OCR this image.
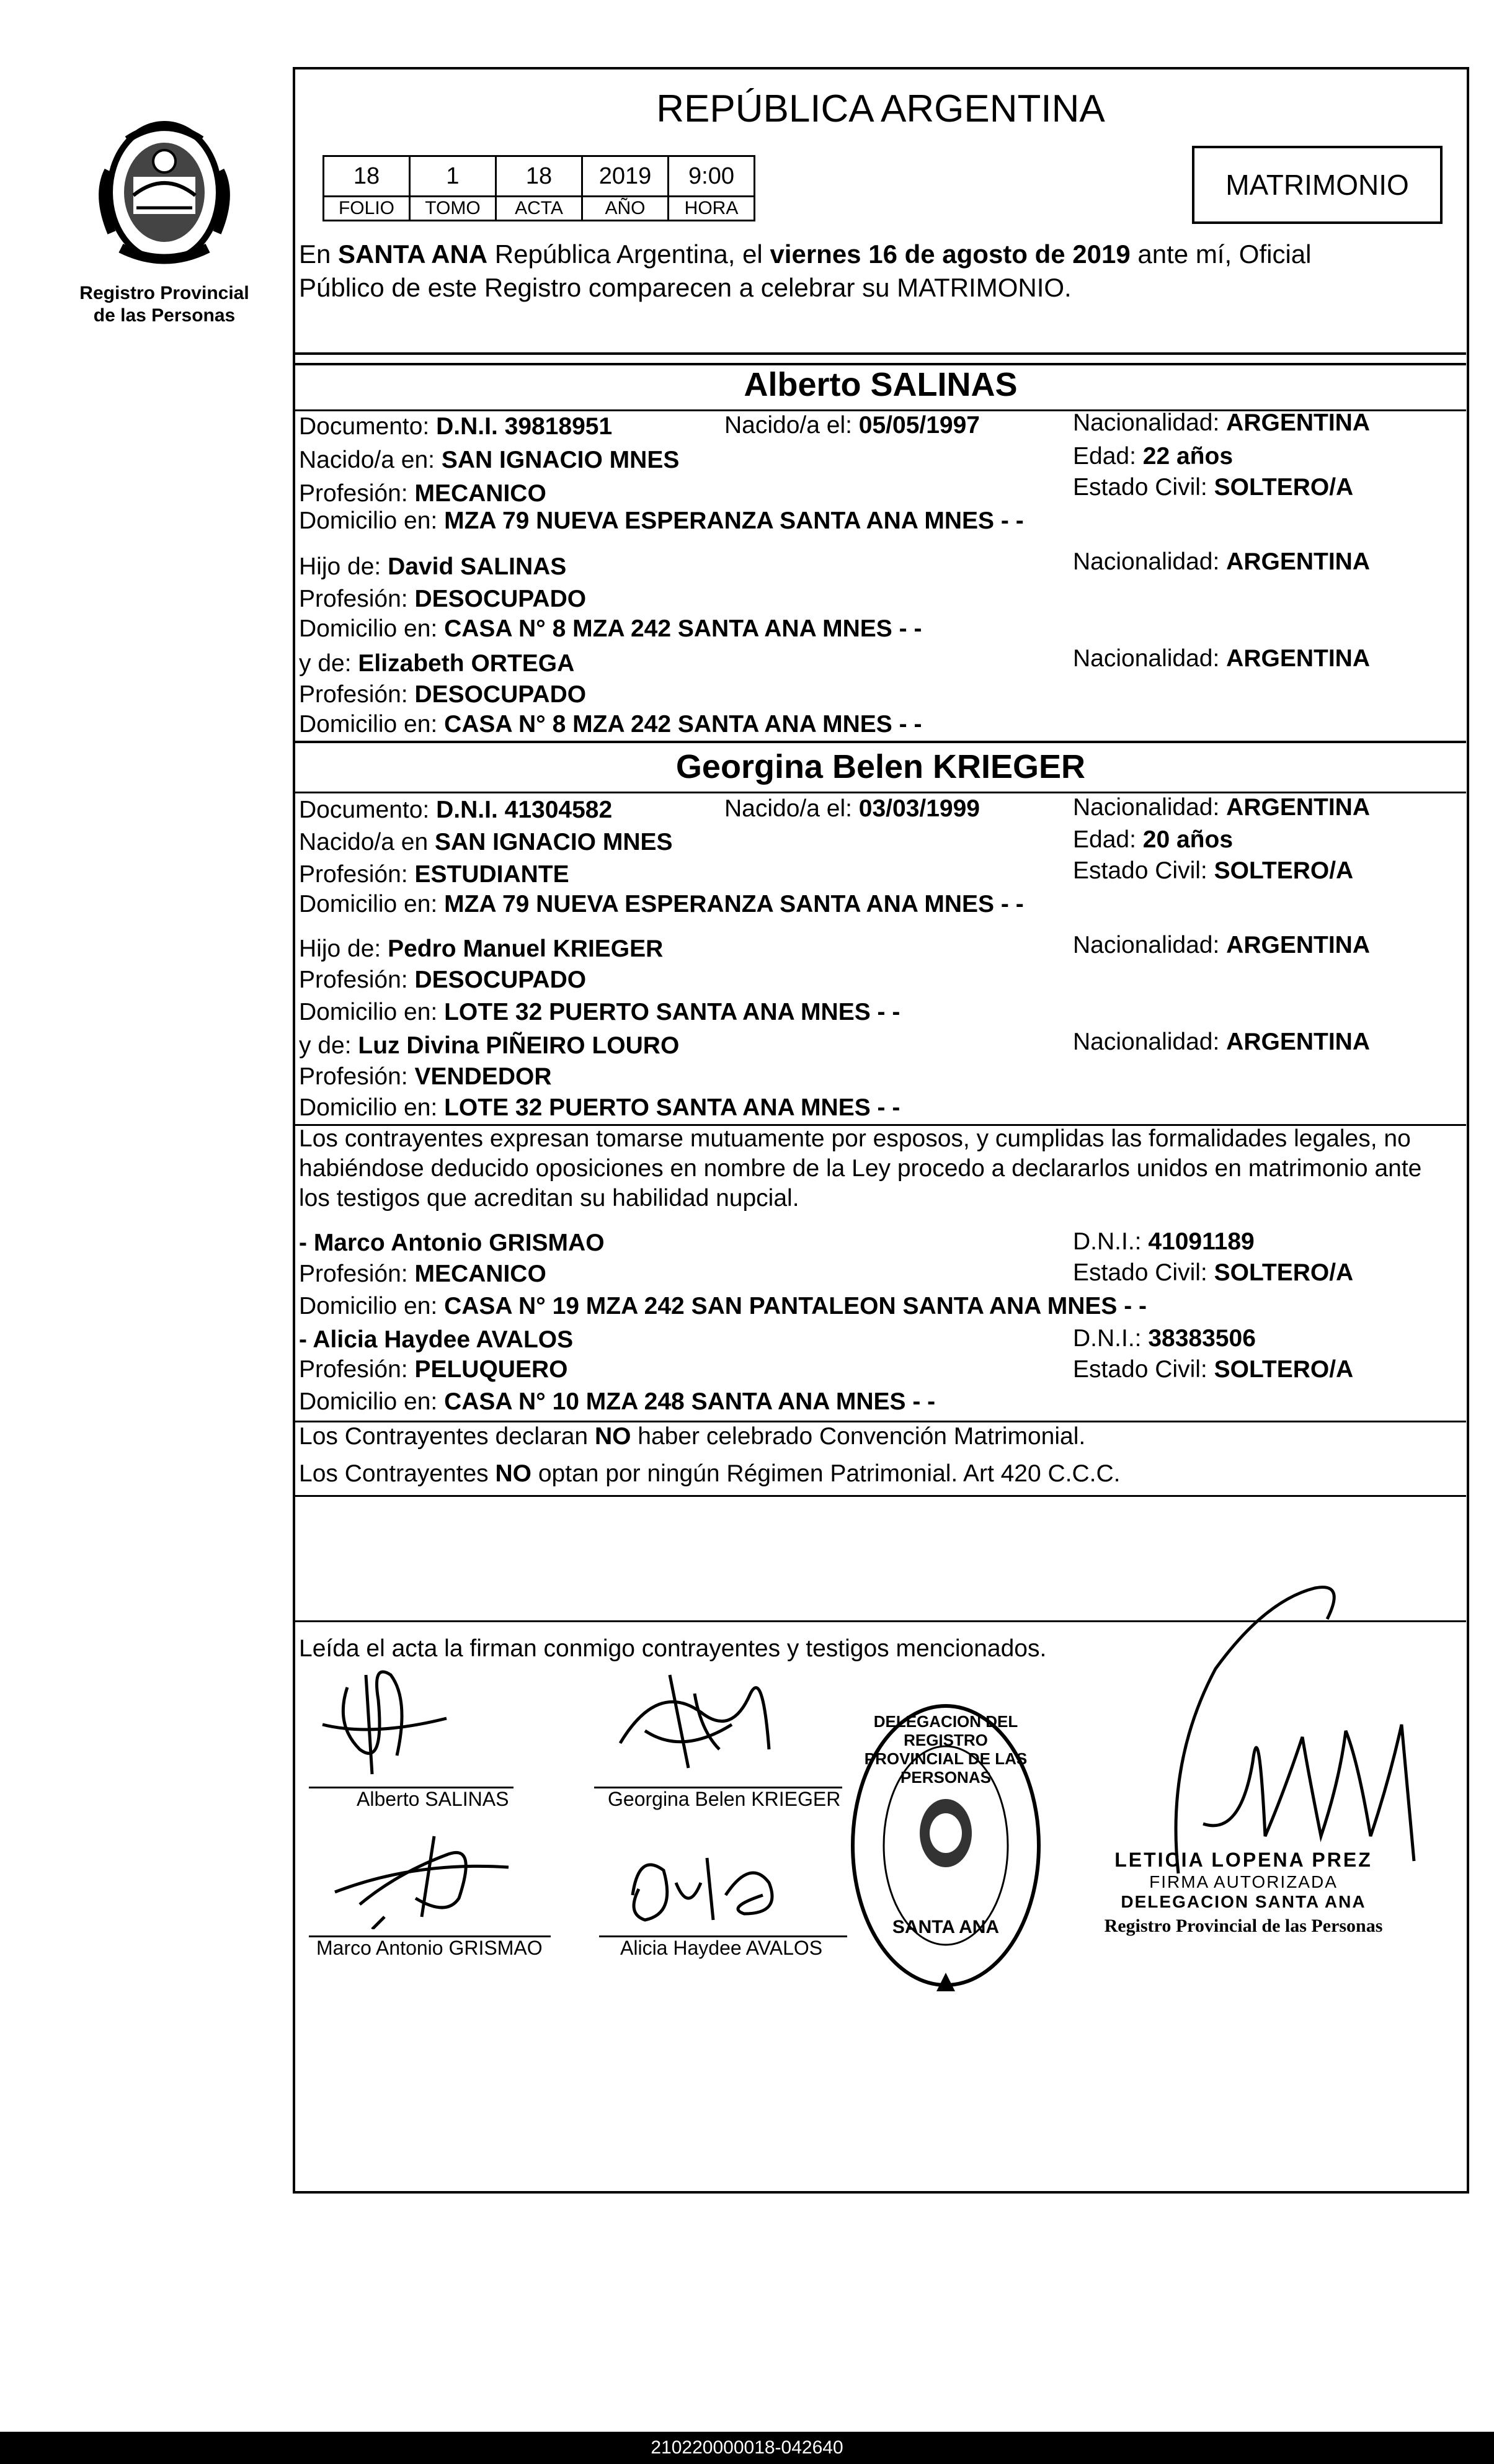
Registro Provincial
de las Personas
REPÚBLICA ARGENTINA
18	1	18	2019	9:00
FOLIO	TOMO	ACTA	AÑO	HORA
MATRIMONIO
En SANTA ANA República Argentina, el viernes 16 de agosto de 2019 ante mí, Oficial
Público de este Registro comparecen a celebrar su MATRIMONIO.
Alberto SALINAS
Documento: D.N.I. 39818951	Nacido/a el: 05/05/1997	Nacionalidad: ARGENTINA
Nacido/a en: SAN IGNACIO MNES	Edad: 22 años
Profesión: MECANICO	Estado Civil: SOLTERO/A
Domicilio en: MZA 79 NUEVA ESPERANZA SANTA ANA MNES - -
Hijo de: David SALINAS	Nacionalidad: ARGENTINA
Profesión: DESOCUPADO
Domicilio en: CASA N° 8 MZA 242 SANTA ANA MNES - -
y de: Elizabeth ORTEGA	Nacionalidad: ARGENTINA
Profesión: DESOCUPADO
Domicilio en: CASA N° 8 MZA 242 SANTA ANA MNES - -
Georgina Belen KRIEGER
Documento: D.N.I. 41304582	Nacido/a el: 03/03/1999	Nacionalidad: ARGENTINA
Nacido/a en SAN IGNACIO MNES	Edad: 20 años
Profesión: ESTUDIANTE	Estado Civil: SOLTERO/A
Domicilio en: MZA 79 NUEVA ESPERANZA SANTA ANA MNES - -
Hijo de: Pedro Manuel KRIEGER	Nacionalidad: ARGENTINA
Profesión: DESOCUPADO
Domicilio en: LOTE 32 PUERTO SANTA ANA MNES - -
y de: Luz Divina PIÑEIRO LOURO	Nacionalidad: ARGENTINA
Profesión: VENDEDOR
Domicilio en: LOTE 32 PUERTO SANTA ANA MNES - -
Los contrayentes expresan tomarse mutuamente por esposos, y cumplidas las formalidades legales, no
habiéndose deducido oposiciones en nombre de la Ley procedo a declararlos unidos en matrimonio ante
los testigos que acreditan su habilidad nupcial.
- Marco Antonio GRISMAO	D.N.I.: 41091189
Profesión: MECANICO	Estado Civil: SOLTERO/A
Domicilio en: CASA N° 19 MZA 242 SAN PANTALEON SANTA ANA MNES - -
- Alicia Haydee AVALOS	D.N.I.: 38383506
Profesión: PELUQUERO	Estado Civil: SOLTERO/A
Domicilio en: CASA N° 10 MZA 248 SANTA ANA MNES - -
Los Contrayentes declaran NO haber celebrado Convención Matrimonial.
Los Contrayentes NO optan por ningún Régimen Patrimonial. Art 420 C.C.C.
Leída el acta la firman conmigo contrayentes y testigos mencionados.
Alberto SALINAS	Georgina Belen KRIEGER
Marco Antonio GRISMAO	Alicia Haydee AVALOS
DELEGACION DEL REGISTRO PROVINCIAL DE LAS PERSONAS
SANTA ANA
LETICIA LOPENA PREZ
FIRMA AUTORIZADA
DELEGACION SANTA ANA
Registro Provincial de las Personas
210220000018-042640
